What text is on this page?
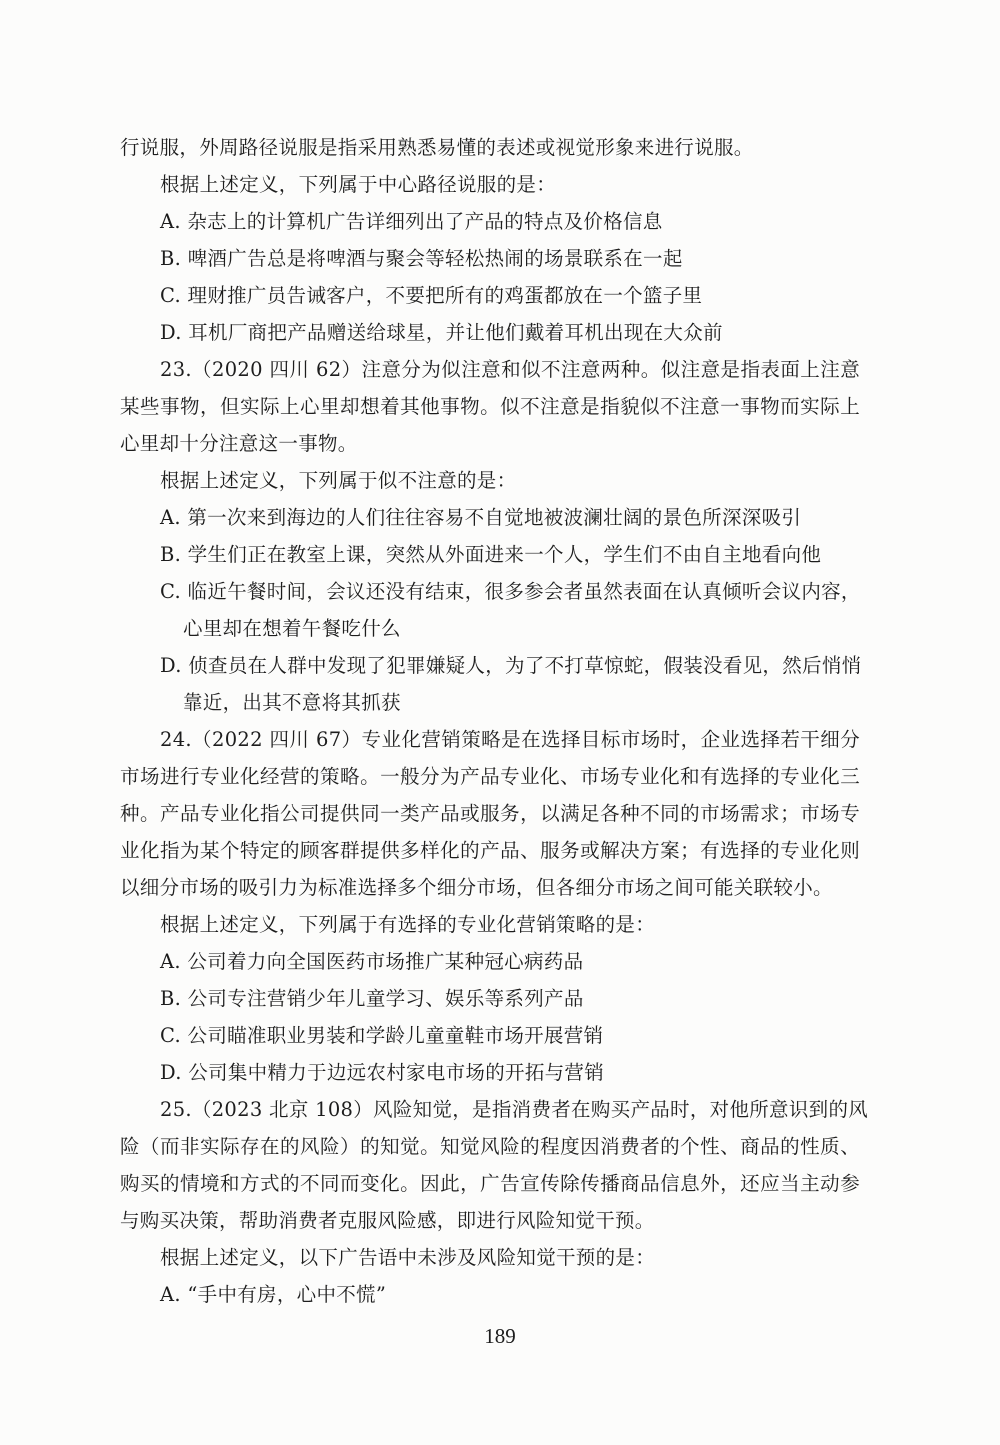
行说服，外周路径说服是指采用熟悉易懂的表述或视觉形象来进行说服。
根据上述定义，下列属于中心路径说服的是：
A. 杂志上的计算机广告详细列出了产品的特点及价格信息
B. 啤酒广告总是将啤酒与聚会等轻松热闹的场景联系在一起
C. 理财推广员告诫客户，不要把所有的鸡蛋都放在一个篮子里
D. 耳机厂商把产品赠送给球星，并让他们戴着耳机出现在大众前
23.（2020 四川 62）注意分为似注意和似不注意两种。似注意是指表面上注意
某些事物，但实际上心里却想着其他事物。似不注意是指貌似不注意一事物而实际上
心里却十分注意这一事物。
根据上述定义，下列属于似不注意的是：
A. 第一次来到海边的人们往往容易不自觉地被波澜壮阔的景色所深深吸引
B. 学生们正在教室上课，突然从外面进来一个人，学生们不由自主地看向他
C. 临近午餐时间，会议还没有结束，很多参会者虽然表面在认真倾听会议内容，
心里却在想着午餐吃什么
D. 侦查员在人群中发现了犯罪嫌疑人，为了不打草惊蛇，假装没看见，然后悄悄
靠近，出其不意将其抓获
24.（2022 四川 67）专业化营销策略是在选择目标市场时，企业选择若干细分
市场进行专业化经营的策略。一般分为产品专业化、市场专业化和有选择的专业化三
种。产品专业化指公司提供同一类产品或服务，以满足各种不同的市场需求；市场专
业化指为某个特定的顾客群提供多样化的产品、服务或解决方案；有选择的专业化则
以细分市场的吸引力为标准选择多个细分市场，但各细分市场之间可能关联较小。
根据上述定义，下列属于有选择的专业化营销策略的是：
A. 公司着力向全国医药市场推广某种冠心病药品
B. 公司专注营销少年儿童学习、娱乐等系列产品
C. 公司瞄准职业男装和学龄儿童童鞋市场开展营销
D. 公司集中精力于边远农村家电市场的开拓与营销
25.（2023 北京 108）风险知觉，是指消费者在购买产品时，对他所意识到的风
险（而非实际存在的风险）的知觉。知觉风险的程度因消费者的个性、商品的性质、
购买的情境和方式的不同而变化。因此，广告宣传除传播商品信息外，还应当主动参
与购买决策，帮助消费者克服风险感，即进行风险知觉干预。
根据上述定义，以下广告语中未涉及风险知觉干预的是：
A. “手中有房，心中不慌”
189
